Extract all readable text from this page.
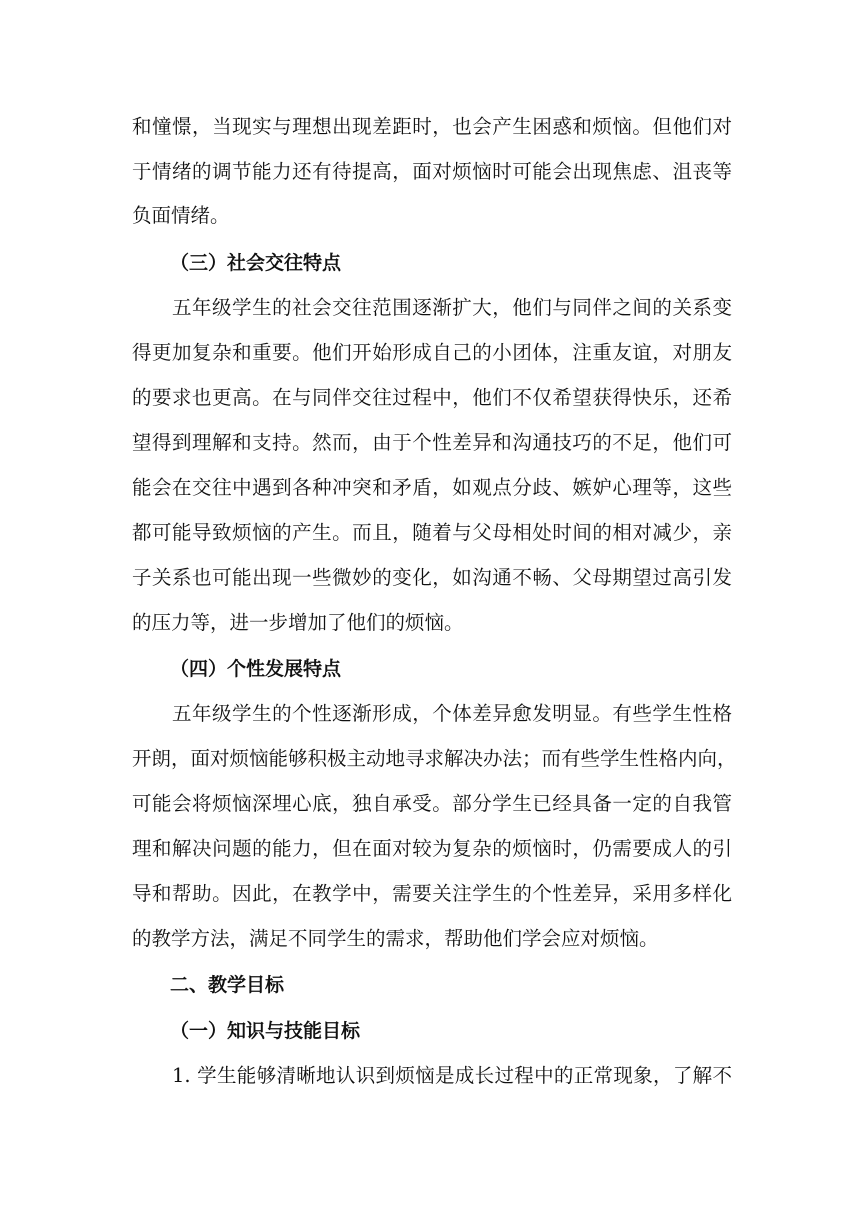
和憧憬，当现实与理想出现差距时，也会产生困惑和烦恼。但他们对
于情绪的调节能力还有待提高，面对烦恼时可能会出现焦虑、沮丧等
负面情绪。
（三）社会交往特点
五年级学生的社会交往范围逐渐扩大，他们与同伴之间的关系变
得更加复杂和重要。他们开始形成自己的小团体，注重友谊，对朋友
的要求也更高。在与同伴交往过程中，他们不仅希望获得快乐，还希
望得到理解和支持。然而，由于个性差异和沟通技巧的不足，他们可
能会在交往中遇到各种冲突和矛盾，如观点分歧、嫉妒心理等，这些
都可能导致烦恼的产生。而且，随着与父母相处时间的相对减少，亲
子关系也可能出现一些微妙的变化，如沟通不畅、父母期望过高引发
的压力等，进一步增加了他们的烦恼。
（四）个性发展特点
五年级学生的个性逐渐形成，个体差异愈发明显。有些学生性格
开朗，面对烦恼能够积极主动地寻求解决办法；而有些学生性格内向，
可能会将烦恼深埋心底，独自承受。部分学生已经具备一定的自我管
理和解决问题的能力，但在面对较为复杂的烦恼时，仍需要成人的引
导和帮助。因此，在教学中，需要关注学生的个性差异，采用多样化
的教学方法，满足不同学生的需求，帮助他们学会应对烦恼。
二、教学目标
（一）知识与技能目标
1. 学生能够清晰地认识到烦恼是成长过程中的正常现象，了解不
